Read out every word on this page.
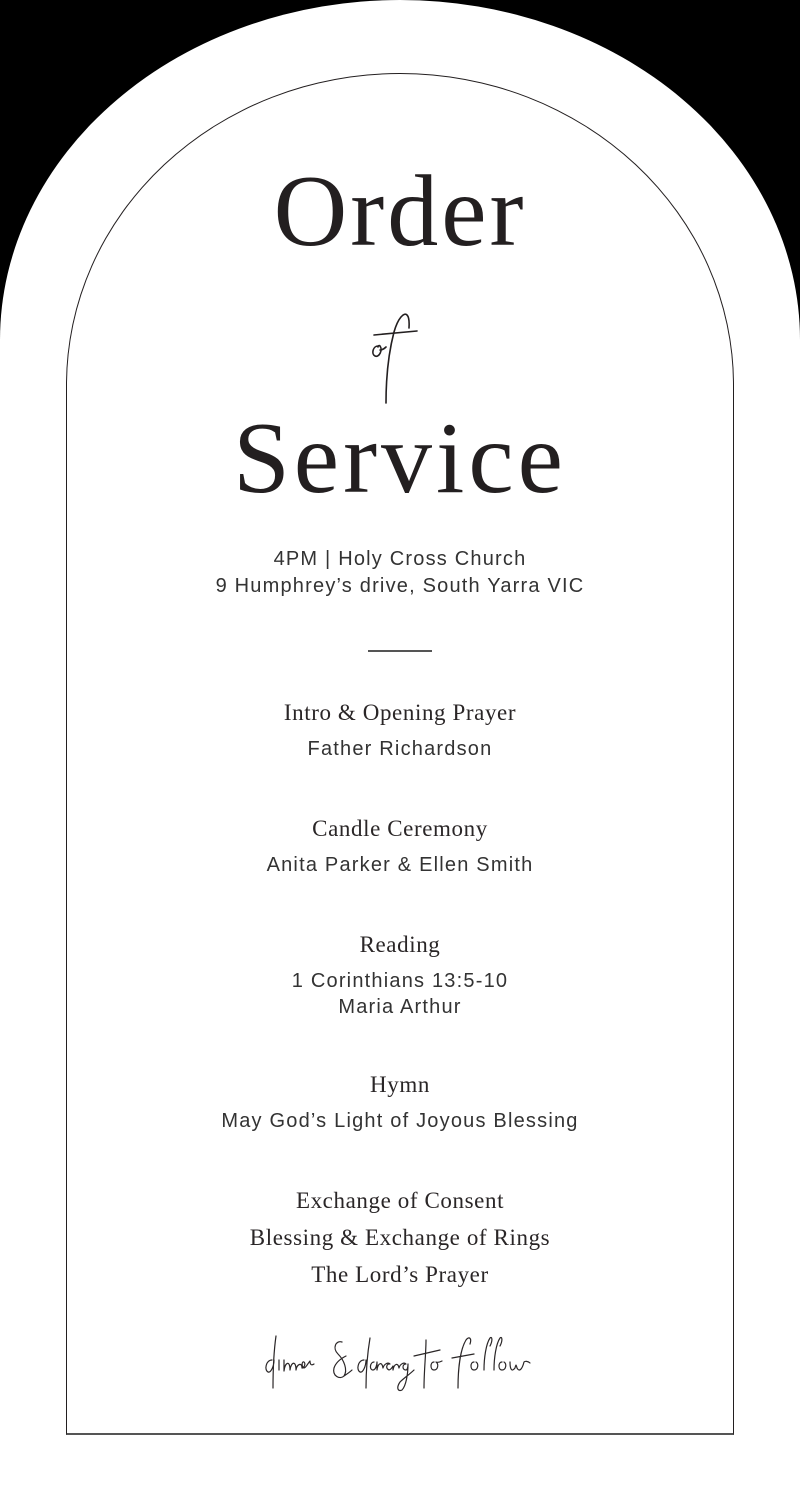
Order
Service
4PM | Holy Cross Church
9 Humphrey’s drive, South Yarra VIC
Intro & Opening Prayer
Father Richardson
Candle Ceremony
Anita Parker & Ellen Smith
Reading
1 Corinthians 13:5-10
Maria Arthur
Hymn
May God’s Light of Joyous Blessing
Exchange of Consent
Blessing & Exchange of Rings
The Lord’s Prayer
